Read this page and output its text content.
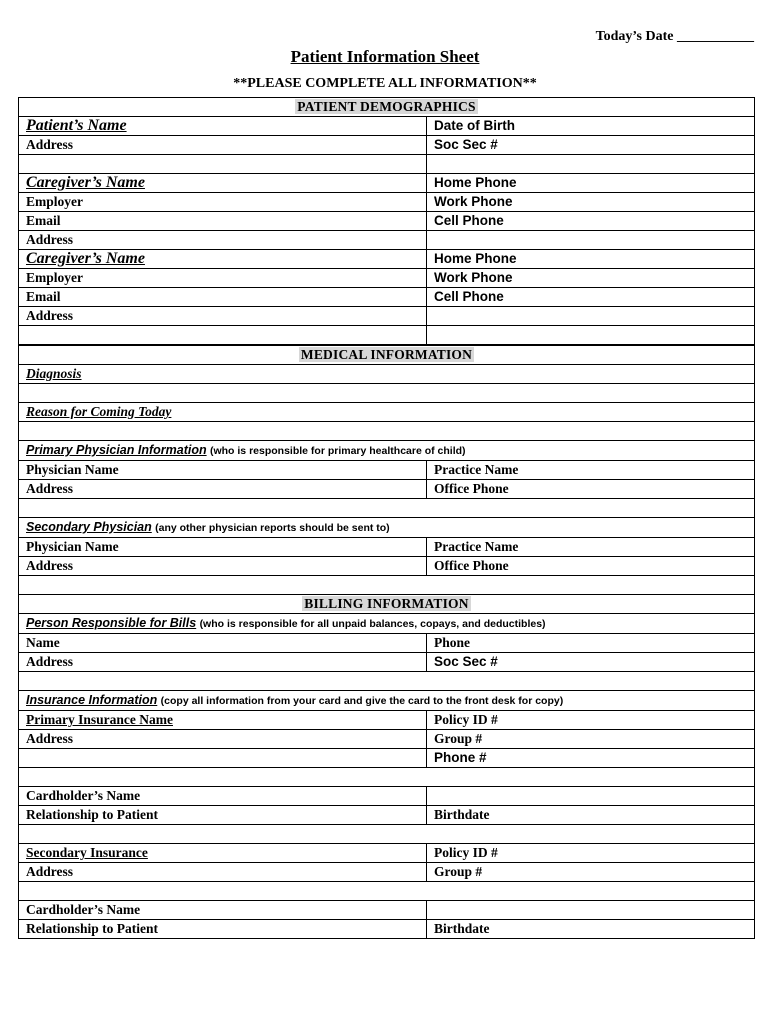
Today’s Date ___________
Patient Information Sheet
**PLEASE COMPLETE ALL INFORMATION**
PATIENT DEMOGRAPHICS	
Patient’s Name	Date of Birth
Address	Soc Sec #

Caregiver’s Name	Home Phone
Employer	Work Phone
Email	Cell Phone
Address	
Caregiver’s Name	Home Phone
Employer	Work Phone
Email	Cell Phone
Address	

MEDICAL INFORMATION	
Diagnosis	

Reason for Coming Today	

Primary Physician Information (who is responsible for primary healthcare of child)	
Physician Name	Practice Name
Address	Office Phone

Secondary Physician (any other physician reports should be sent to)	
Physician Name	Practice Name
Address	Office Phone

BILLING INFORMATION	
Person Responsible for Bills (who is responsible for all unpaid balances, copays, and deductibles)	
Name	Phone
Address	Soc Sec #

Insurance Information (copy all information from your card and give the card to the front desk for copy)	
Primary Insurance Name	Policy ID #
Address	Group #
	Phone #

Cardholder’s Name	
Relationship to Patient	Birthdate

Secondary Insurance	Policy ID #
Address	Group #

Cardholder’s Name	
Relationship to Patient	Birthdate
